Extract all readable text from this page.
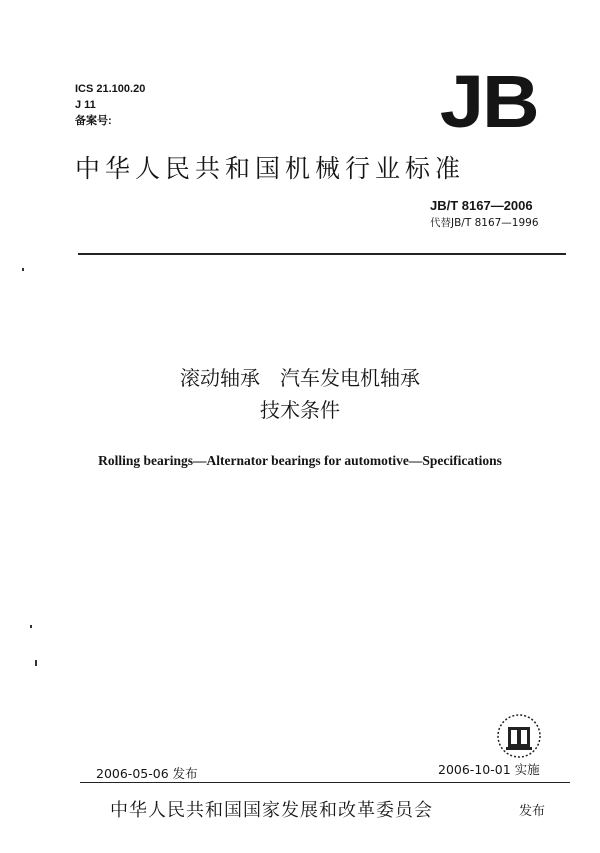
ICS 21.100.20
J 11
备案号:	JB
中华人民共和国机械行业标准
JB/T 8167—2006
代替JB/T 8167—1996
滚动轴承　汽车发电机轴承
技术条件
Rolling bearings—Alternator bearings for automotive—Specifications
2006-05-06 发布	2006-10-01 实施
中华人民共和国国家发展和改革委员会	发布
